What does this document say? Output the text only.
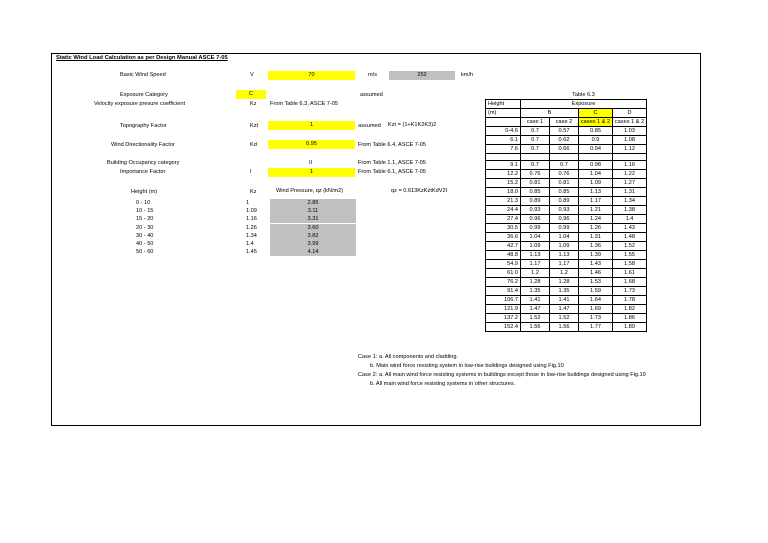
Static Wind Load Calculation as per Design Manual ASCE 7-05
Basic Wind Speed	V	70	m/s	252	km/h
Exposure Category	C	assumed
Velocity exposure presure coefficient	Kz From Table 6.3, ASCE 7-05
Topography Factor	Kzt	1	assumed Kzt = (1+K1K2K3)2
Wind Directionality Factor	Kd	0.95	From Table 6.4, ASCE 7-05
Building Occupancy category	II	From Table 1.1, ASCE 7-05
Importance Factor	I	1	From Table 6.1, ASCE 7-05
Height (m)	Kz	Wind Pressure, qz (kN/m2)	qz = 0.613KzKztKdV2I
0 - 10	1	2.85
10 - 15	1.09	3.11
15 - 20	1.16	3.31
20 - 30	1.26	3.60
30 - 40	1.34	3.82
40 - 50	1.4	3.99
50 - 60	1.45	4.14
	Table 6.3			
Height	Exposure			
(m)	B		C	D
	case 1	case 2	cases 1 & 2	cases 1 & 2
0-4.6	0.7	0.57	0.85	1.03
6.1	0.7	0.62	0.9	1.08
7.6	0.7	0.66	0.94	1.12

9.1	0.7	0.7	0.98	1.16
12.2	0.76	0.76	1.04	1.22
15.2	0.81	0.81	1.09	1.27
18.0	0.85	0.85	1.13	1.31
21.3	0.89	0.89	1.17	1.34
24.4	0.93	0.93	1.21	1.38
27.4	0.96	0.96	1.24	1.4
30.5	0.99	0.99	1.26	1.43
36.6	1.04	1.04	1.31	1.48
42.7	1.09	1.09	1.36	1.52
48.8	1.13	1.13	1.39	1.55
54.9	1.17	1.17	1.43	1.58
61.0	1.2	1.2	1.46	1.61
76.2	1.28	1.28	1.53	1.68
91.4	1.35	1.35	1.59	1.73
106.7	1.41	1.41	1.64	1.78
121.9	1.47	1.47	1.69	1.82
137.2	1.52	1.52	1.73	1.86
152.4	1.56	1.56	1.77	1.89
Case 1: a. All components and cladding.
b. Main wind force resisting system in low-rise buildings designed using Fig.10
Case 2: a. All main wind force resisting systems in buildings except those in low-rise buildings designed using Fig.10
b. All main wind force resisting systems in other structures.
